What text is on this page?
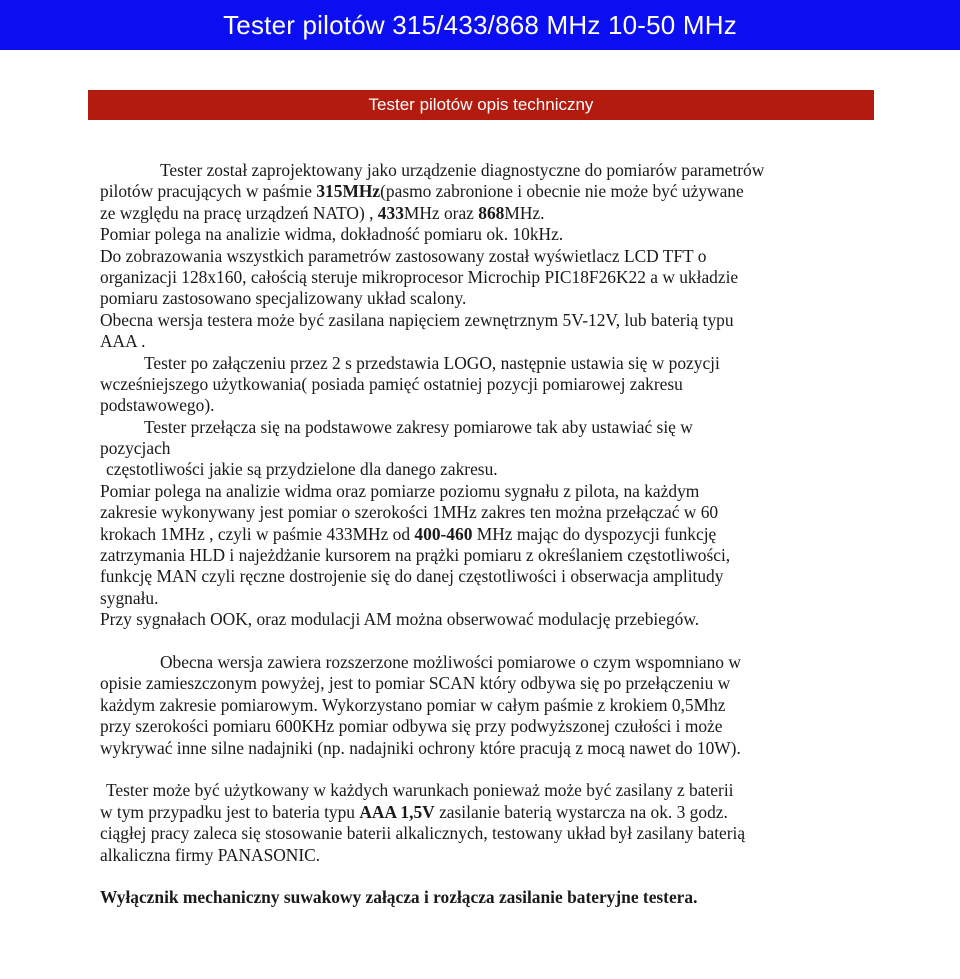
Tester pilotów 315/433/868 MHz 10-50 MHz
Tester pilotów opis techniczny
Tester został zaprojektowany jako urządzenie diagnostyczne do pomiarów parametrów
pilotów pracujących w paśmie 315MHz(pasmo zabronione i obecnie nie może być używane
ze względu na pracę urządzeń NATO) , 433MHz oraz 868MHz.
Pomiar polega na analizie widma, dokładność pomiaru ok. 10kHz.
Do zobrazowania wszystkich parametrów zastosowany został wyświetlacz LCD TFT o
organizacji 128x160, całością steruje mikroprocesor Microchip PIC18F26K22 a w układzie
pomiaru zastosowano specjalizowany układ scalony.
Obecna wersja testera może być zasilana napięciem zewnętrznym 5V-12V, lub baterią typu
AAA .
Tester po załączeniu przez 2 s przedstawia LOGO, następnie ustawia się w pozycji
wcześniejszego użytkowania( posiada pamięć ostatniej pozycji pomiarowej zakresu
podstawowego).
Tester przełącza się na podstawowe zakresy pomiarowe tak aby ustawiać się w
pozycjach
częstotliwości jakie są przydzielone dla danego zakresu.
Pomiar polega na analizie widma oraz pomiarze poziomu sygnału z pilota, na każdym
zakresie wykonywany jest pomiar o szerokości 1MHz zakres ten można przełączać w 60
krokach 1MHz , czyli w paśmie 433MHz od 400-460 MHz mając do dyspozycji funkcję
zatrzymania HLD i najeżdżanie kursorem na prążki pomiaru z określaniem częstotliwości,
funkcję MAN czyli ręczne dostrojenie się do danej częstotliwości i obserwacja amplitudy
sygnału.
Przy sygnałach OOK, oraz modulacji AM można obserwować modulację przebiegów.
Obecna wersja zawiera rozszerzone możliwości pomiarowe o czym wspomniano w
opisie zamieszczonym powyżej, jest to pomiar SCAN który odbywa się po przełączeniu w
każdym zakresie pomiarowym. Wykorzystano pomiar w całym paśmie z krokiem 0,5Mhz
przy szerokości pomiaru 600KHz pomiar odbywa się przy podwyższonej czułości i może
wykrywać inne silne nadajniki (np. nadajniki ochrony które pracują z mocą nawet do 10W).
Tester może być użytkowany w każdych warunkach ponieważ może być zasilany z baterii
w tym przypadku jest to bateria typu AAA 1,5V zasilanie baterią wystarcza na ok. 3 godz.
ciągłej pracy zaleca się stosowanie baterii alkalicznych, testowany układ był zasilany baterią
alkaliczna firmy PANASONIC.
Wyłącznik mechaniczny suwakowy załącza i rozłącza zasilanie bateryjne testera.
